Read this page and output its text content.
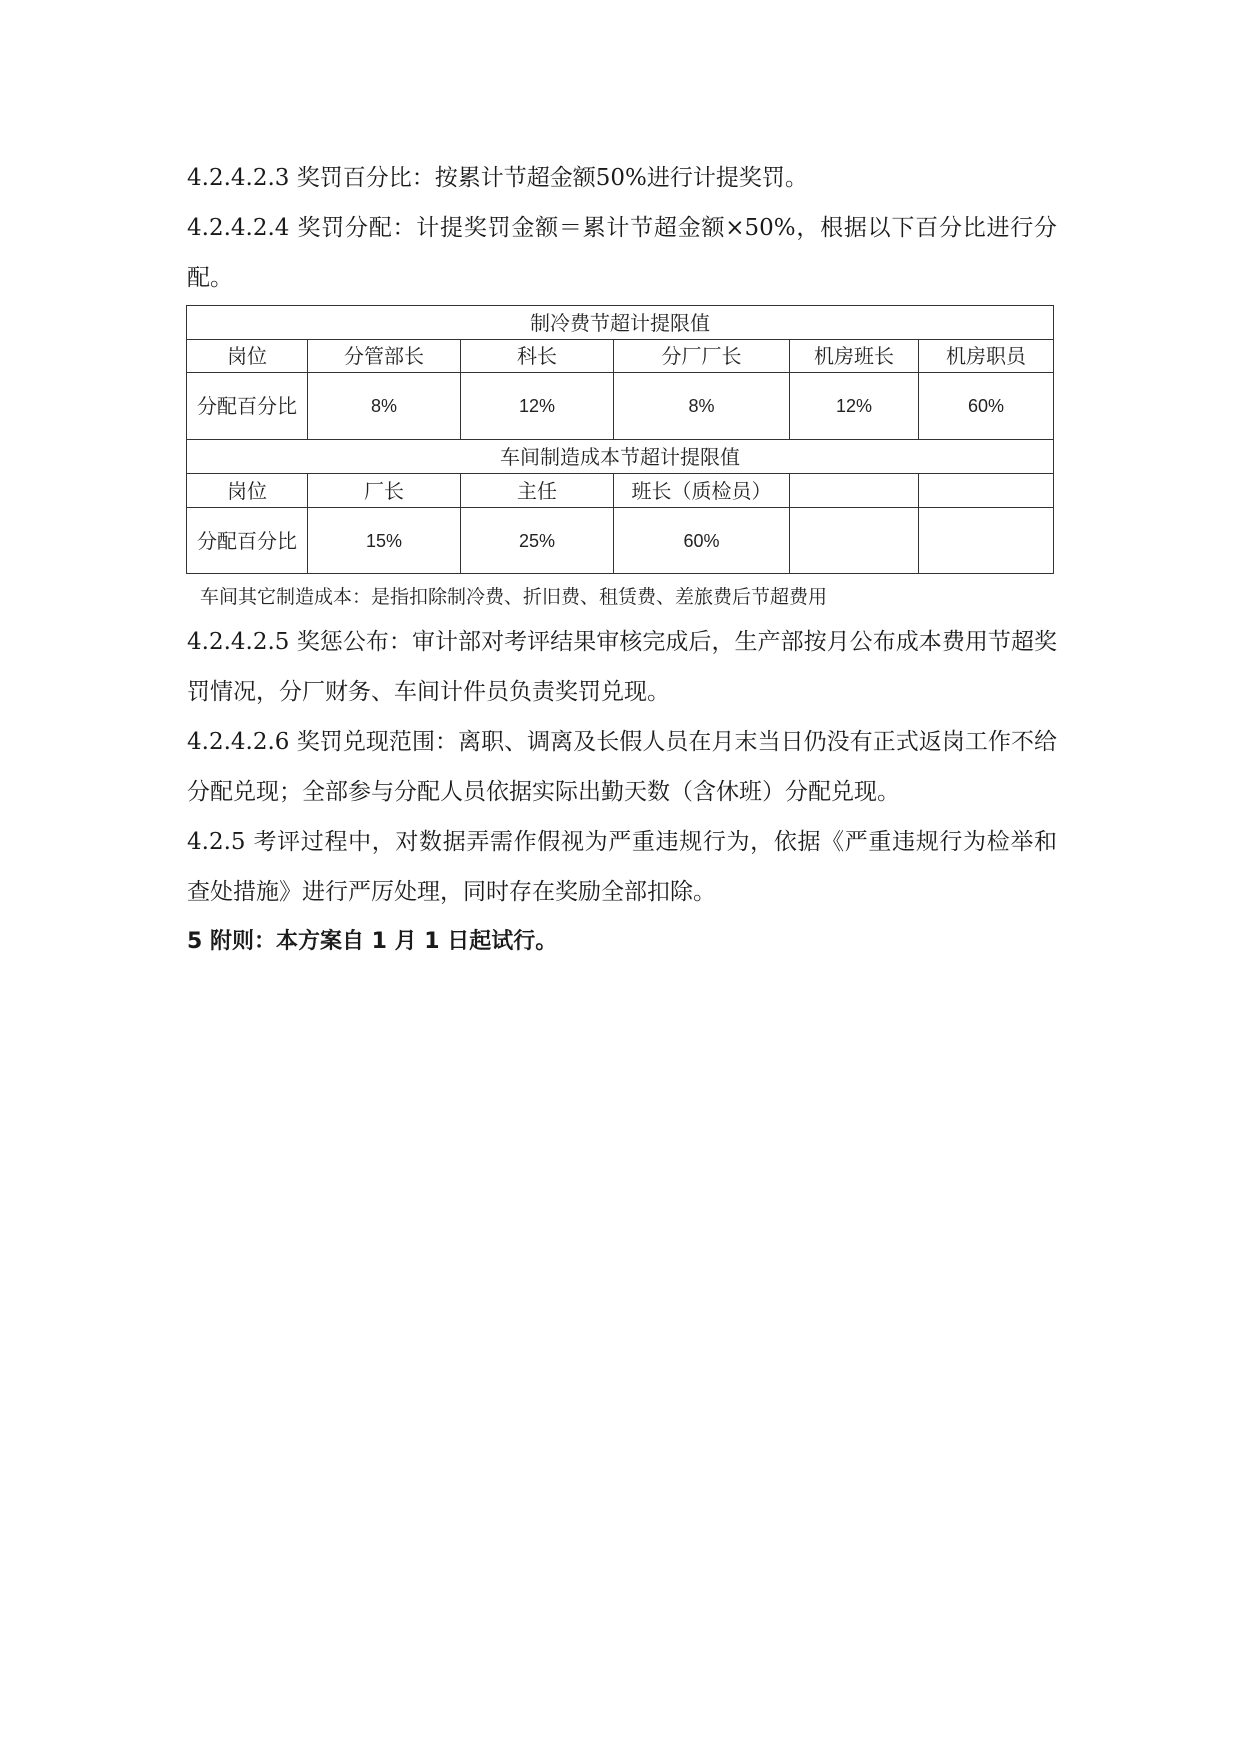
4.2.4.2.3 奖罚百分比：按累计节超金额50%进行计提奖罚。

4.2.4.2.4 奖罚分配：计提奖罚金额＝累计节超金额×50%，根据以下百分比进行分配。

制冷费节超计提限值					
岗位	分管部长	科长	分厂厂长	机房班长	机房职员
分配百分比	8%	12%	8%	12%	60%
车间制造成本节超计提限值					
岗位	厂长	主任	班长（质检员）		
分配百分比	15%	25%	60%		
车间其它制造成本：是指扣除制冷费、折旧费、租赁费、差旅费后节超费用

4.2.4.2.5 奖惩公布：审计部对考评结果审核完成后，生产部按月公布成本费用节超奖罚情况，分厂财务、车间计件员负责奖罚兑现。

4.2.4.2.6 奖罚兑现范围：离职、调离及长假人员在月末当日仍没有正式返岗工作不给分配兑现；全部参与分配人员依据实际出勤天数（含休班）分配兑现。

4.2.5 考评过程中，对数据弄需作假视为严重违规行为，依据《严重违规行为检举和查处措施》进行严厉处理，同时存在奖励全部扣除。

5 附则：本方案自 1 月 1 日起试行。
